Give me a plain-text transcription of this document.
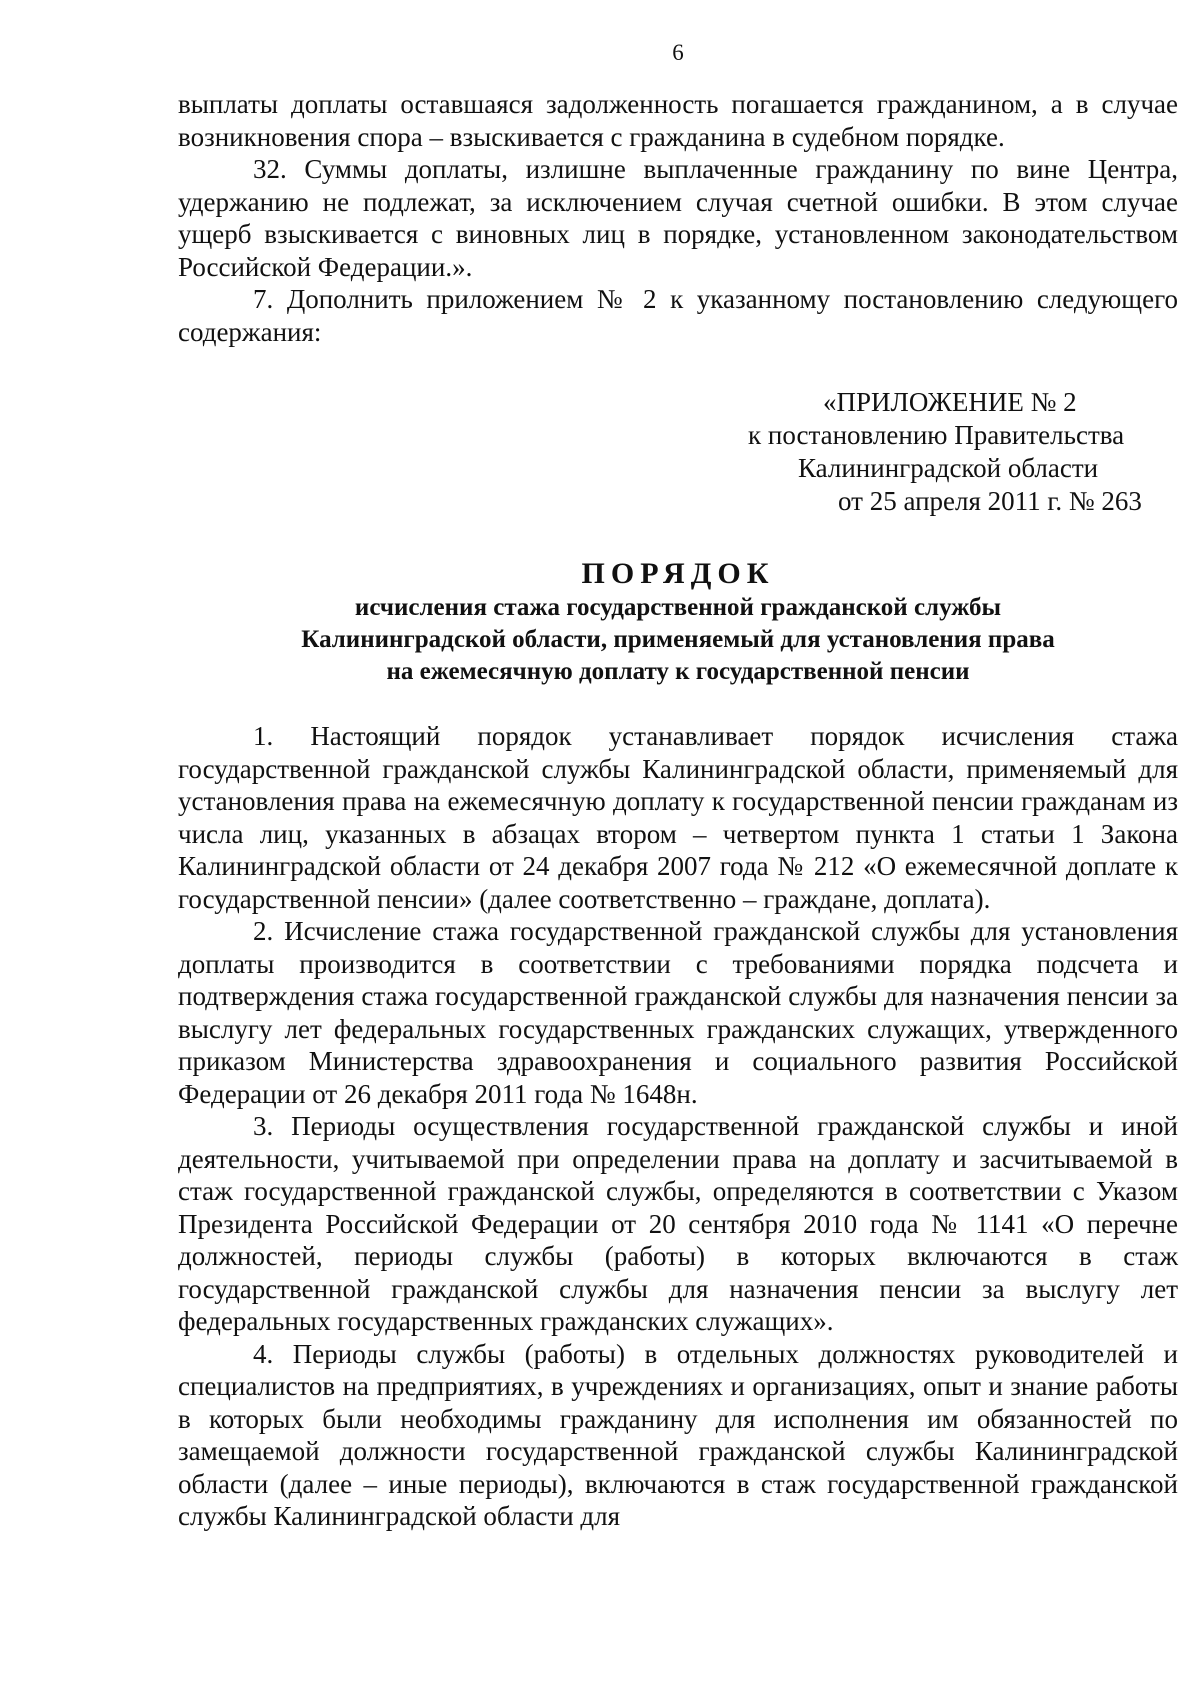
6

выплаты доплаты оставшаяся задолженность погашается гражданином, а в случае возникновения спора – взыскивается с гражданина в судебном порядке.

32. Суммы доплаты, излишне выплаченные гражданину по вине Центра, удержанию не подлежат, за исключением случая счетной ошибки. В этом случае ущерб взыскивается с виновных лиц в порядке, установленном законодательством Российской Федерации.».

7. Дополнить приложением № 2 к указанному постановлению следующего содержания:

«ПРИЛОЖЕНИЕ № 2
к постановлению Правительства
Калининградской области
от 25 апреля 2011 г. № 263
ПОРЯДОК
исчисления стажа государственной гражданской службы
Калининградской области, применяемый для установления права
на ежемесячную доплату к государственной пенсии

1. Настоящий порядок устанавливает порядок исчисления стажа государственной гражданской службы Калининградской области, применяемый для установления права на ежемесячную доплату к государственной пенсии гражданам из числа лиц, указанных в абзацах втором – четвертом пункта 1 статьи 1 Закона Калининградской области от 24 декабря 2007 года № 212 «О ежемесячной доплате к государственной пенсии» (далее соответственно – граждане, доплата).

2. Исчисление стажа государственной гражданской службы для установления доплаты производится в соответствии с требованиями порядка подсчета и подтверждения стажа государственной гражданской службы для назначения пенсии за выслугу лет федеральных государственных гражданских служащих, утвержденного приказом Министерства здравоохранения и социального развития Российской Федерации от 26 декабря 2011 года № 1648н.

3. Периоды осуществления государственной гражданской службы и иной деятельности, учитываемой при определении права на доплату и засчитываемой в стаж государственной гражданской службы, определяются в соответствии с Указом Президента Российской Федерации от 20 сентября 2010 года № 1141 «О перечне должностей, периоды службы (работы) в которых включаются в стаж государственной гражданской службы для назначения пенсии за выслугу лет федеральных государственных гражданских служащих».

4. Периоды службы (работы) в отдельных должностях руководителей и специалистов на предприятиях, в учреждениях и организациях, опыт и знание работы в которых были необходимы гражданину для исполнения им обязанностей по замещаемой должности государственной гражданской службы Калининградской области (далее – иные периоды), включаются в стаж государственной гражданской службы Калининградской области для
